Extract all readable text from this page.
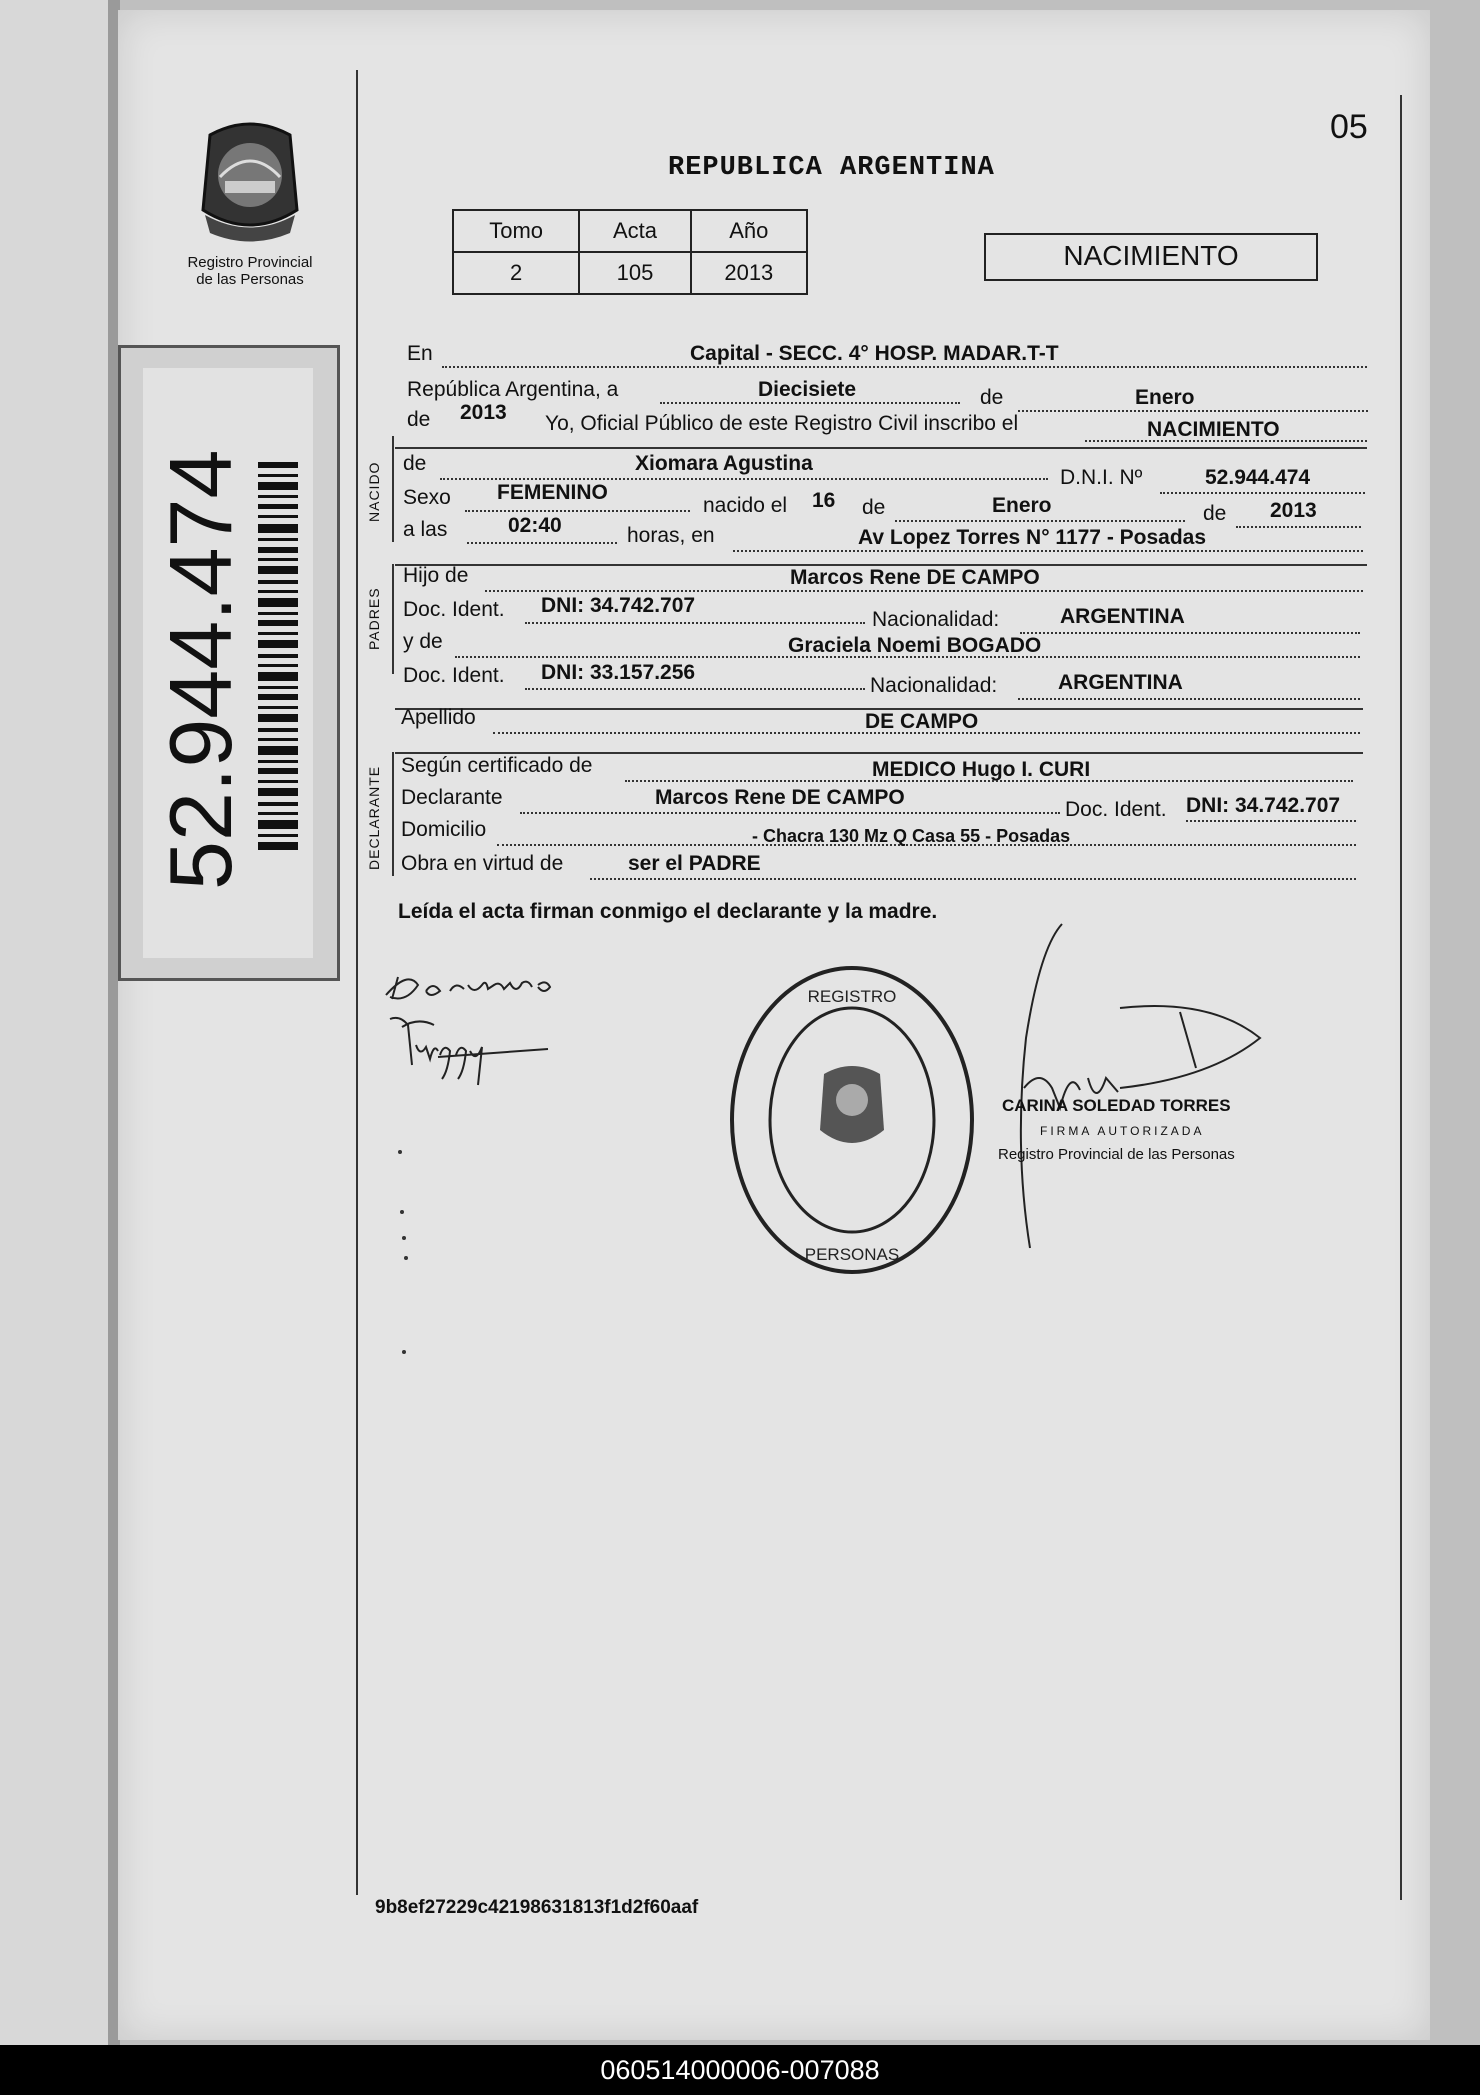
05
Registro Provincial
de las Personas
REPUBLICA ARGENTINA
Tomo	Acta	Año
2	105	2013
NACIMIENTO
52.944.474	NACIDO
PADRES
DECLARANTE
En	Capital - SECC. 4° HOSP. MADAR.T-T
República Argentina, a	Diecisiete	de	Enero
de 2013 Yo, Oficial Público de este Registro Civil inscribo el	NACIMIENTO
de	Xiomara Agustina
D.N.I. Nº	52.944.474
Sexo FEMENINO
nacido el 16 de	Enero	de 2013
a las	02:40	horas, en	Av Lopez Torres N° 1177 - Posadas
Hijo de	Marcos Rene DE CAMPO
Doc. Ident. DNI: 34.742.707
Nacionalidad:	ARGENTINA
y de	Graciela Noemi BOGADO
Doc. Ident. DNI: 33.157.256
Nacionalidad:	ARGENTINA
Apellido	DE CAMPO
Según certificado de	MEDICO Hugo I. CURI
Declarante	Marcos Rene DE CAMPO
Doc. Ident. DNI: 34.742.707
Domicilio	- Chacra 130 Mz Q Casa 55 - Posadas
Obra en virtud de	ser el PADRE
Leída el acta firman conmigo el declarante y la madre.
REGISTRO
PERSONAS
CARINA SOLEDAD TORRES
FIRMA AUTORIZADA
Registro Provincial de las Personas
9b8ef27229c42198631813f1d2f60aaf
060514000006-007088
